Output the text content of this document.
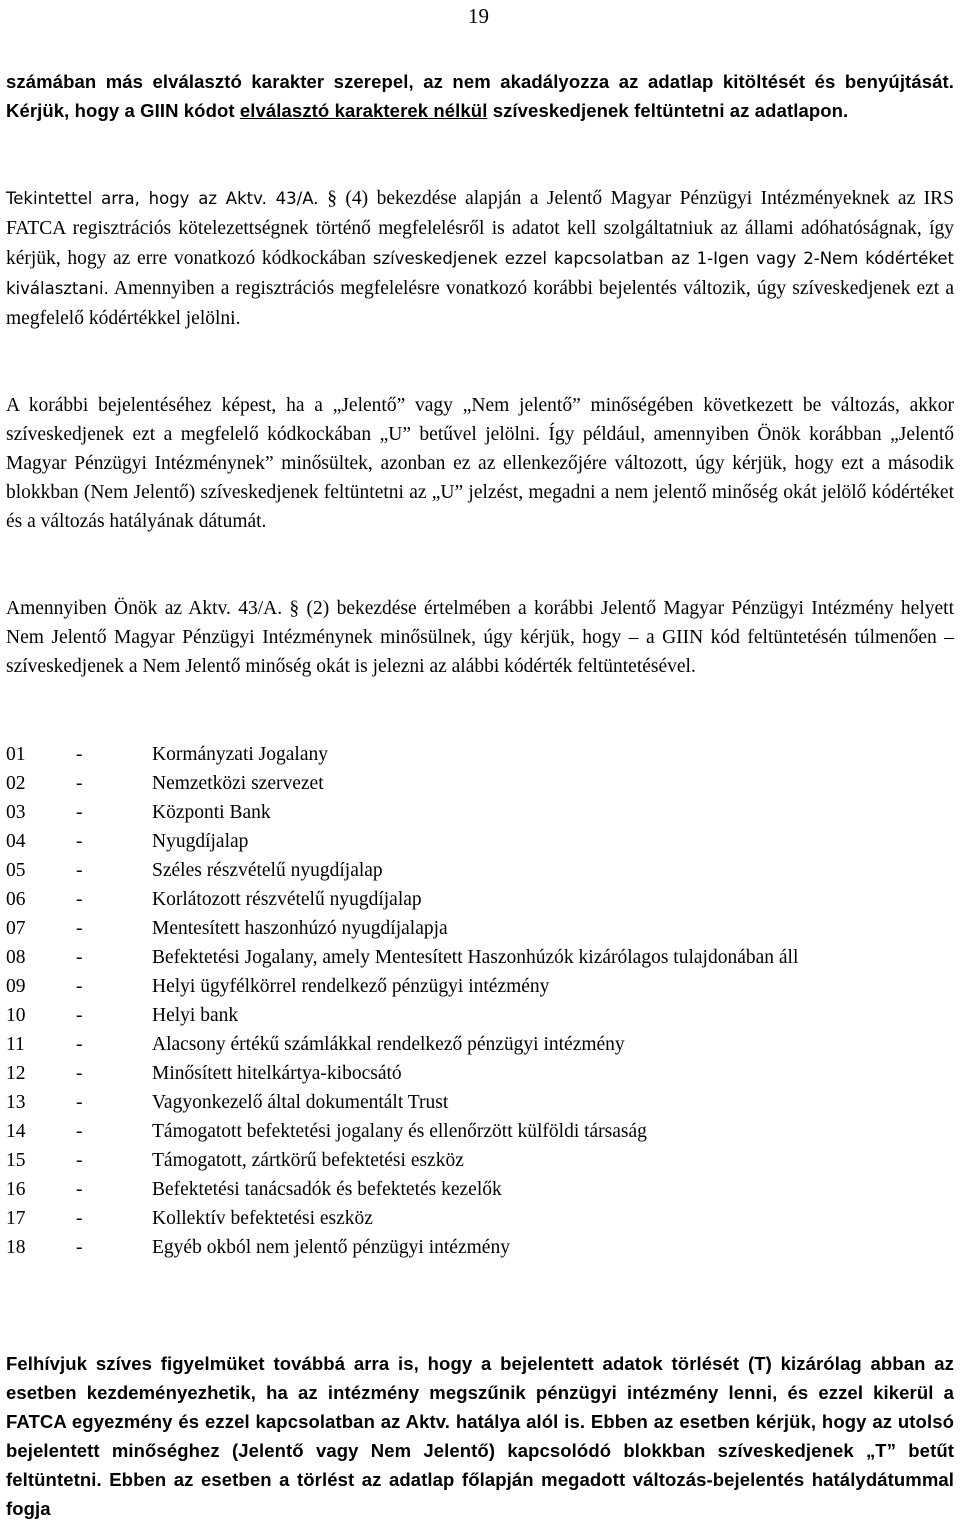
19

számában más elválasztó karakter szerepel, az nem akadályozza az adatlap kitöltését és benyújtását. Kérjük, hogy a GIIN kódot elválasztó karakterek nélkül szíveskedjenek feltüntetni az adatlapon.

Tekintettel arra, hogy az Aktv. 43/A. § (4) bekezdése alapján a Jelentő Magyar Pénzügyi Intézményeknek az IRS FATCA regisztrációs kötelezettségnek történő megfelelésről is adatot kell szolgáltatniuk az állami adóhatóságnak, így kérjük, hogy az erre vonatkozó kódkockában szíveskedjenek ezzel kapcsolatban az 1-Igen vagy 2-Nem kódértéket kiválasztani. Amennyiben a regisztrációs megfelelésre vonatkozó korábbi bejelentés változik, úgy szíveskedjenek ezt a megfelelő kódértékkel jelölni.

A korábbi bejelentéséhez képest, ha a „Jelentő” vagy „Nem jelentő” minőségében következett be változás, akkor szíveskedjenek ezt a megfelelő kódkockában „U” betűvel jelölni. Így például, amennyiben Önök korábban „Jelentő Magyar Pénzügyi Intézménynek” minősültek, azonban ez az ellenkezőjére változott, úgy kérjük, hogy ezt a második blokkban (Nem Jelentő) szíveskedjenek feltüntetni az „U” jelzést, megadni a nem jelentő minőség okát jelölő kódértéket és a változás hatályának dátumát.

Amennyiben Önök az Aktv. 43/A. § (2) bekezdése értelmében a korábbi Jelentő Magyar Pénzügyi Intézmény helyett Nem Jelentő Magyar Pénzügyi Intézménynek minősülnek, úgy kérjük, hogy – a GIIN kód feltüntetésén túlmenően – szíveskedjenek a Nem Jelentő minőség okát is jelezni az alábbi kódérték feltüntetésével.

01	-	Kormányzati Jogalany
02	-	Nemzetközi szervezet
03	-	Központi Bank
04	-	Nyugdíjalap
05	-	Széles részvételű nyugdíjalap
06	-	Korlátozott részvételű nyugdíjalap
07	-	Mentesített haszonhúzó nyugdíjalapja
08	-	Befektetési Jogalany, amely Mentesített Haszonhúzók kizárólagos tulajdonában áll
09	-	Helyi ügyfélkörrel rendelkező pénzügyi intézmény
10	-	Helyi bank
11	-	Alacsony értékű számlákkal rendelkező pénzügyi intézmény
12	-	Minősített hitelkártya-kibocsátó
13	-	Vagyonkezelő által dokumentált Trust
14	-	Támogatott befektetési jogalany és ellenőrzött külföldi társaság
15	-	Támogatott, zártkörű befektetési eszköz
16	-	Befektetési tanácsadók és befektetés kezelők
17	-	Kollektív befektetési eszköz
18	-	Egyéb okból nem jelentő pénzügyi intézmény

Felhívjuk szíves figyelmüket továbbá arra is, hogy a bejelentett adatok törlését (T) kizárólag abban az esetben kezdeményezhetik, ha az intézmény megszűnik pénzügyi intézmény lenni, és ezzel kikerül a FATCA egyezmény és ezzel kapcsolatban az Aktv. hatálya alól is. Ebben az esetben kérjük, hogy az utolsó bejelentett minőséghez (Jelentő vagy Nem Jelentő) kapcsolódó blokkban szíveskedjenek „T” betűt feltüntetni. Ebben az esetben a törlést az adatlap főlapján megadott változás-bejelentés hatálydátummal fogja
